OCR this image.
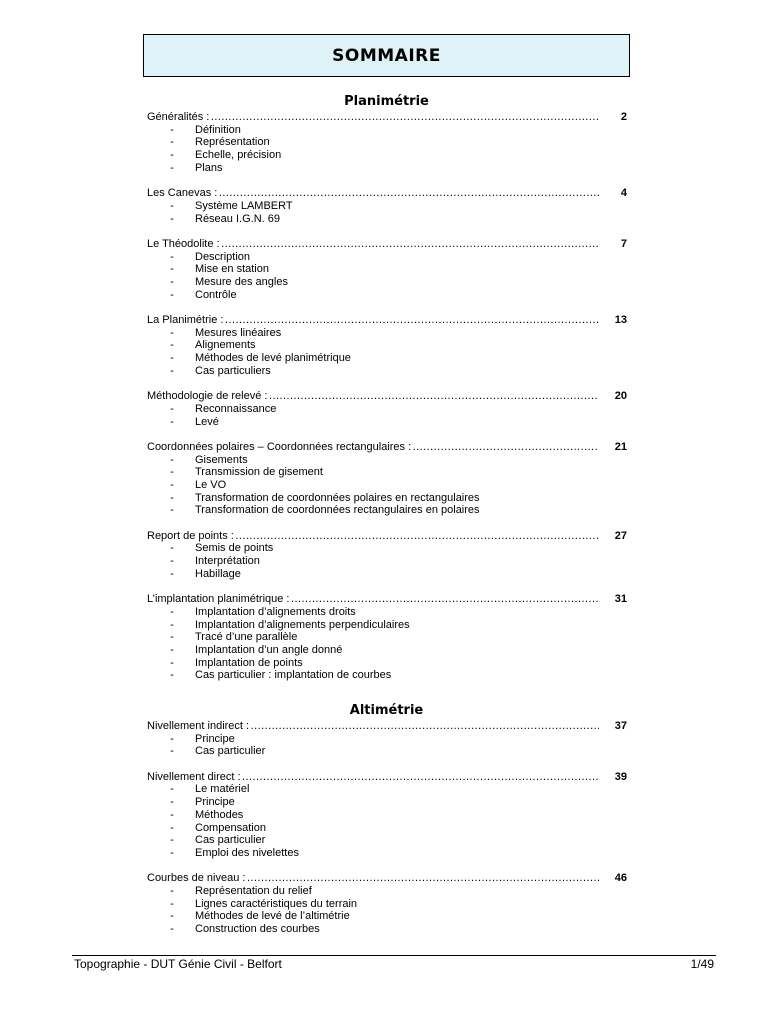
SOMMAIRE
Planimétrie
Généralités : ………………………………………………………………………………………………………………………………………………………………………	2
-	Définition
-	Représentation
-	Echelle, précision
-	Plans
Les Canevas : ………………………………………………………………………………………………………………………………………………………………………	4
-	Système LAMBERT
-	Réseau I.G.N. 69
Le Théodolite : ………………………………………………………………………………………………………………………………………………………………………	7
-	Description
-	Mise en station
-	Mesure des angles
-	Contrôle
La Planimétrie : ………………………………………………………………………………………………………………………………………………………………………	13
-	Mesures linéaires
-	Alignements
-	Méthodes de levé planimétrique
-	Cas particuliers
Méthodologie de relevé : ………………………………………………………………………………………………………………………………………………………………………	20
-	Reconnaissance
-	Levé
Coordonnées polaires – Coordonnées rectangulaires : ………………………………………………………………………………………………………………………………………………………………………	21
-	Gisements
-	Transmission de gisement
-	Le VO
-	Transformation de coordonnées polaires en rectangulaires
-	Transformation de coordonnées rectangulaires en polaires
Report de points : ………………………………………………………………………………………………………………………………………………………………………	27
-	Semis de points
-	Interprétation
-	Habillage
L’implantation planimétrique : ………………………………………………………………………………………………………………………………………………………………………	31
-	Implantation d’alignements droits
-	Implantation d’alignements perpendiculaires
-	Tracé d’une parallèle
-	Implantation d’un angle donné
-	Implantation de points
-	Cas particulier : implantation de courbes
Altimétrie
Nivellement indirect : ………………………………………………………………………………………………………………………………………………………………………	37
-	Principe
-	Cas particulier
Nivellement direct : ………………………………………………………………………………………………………………………………………………………………………	39
-	Le matériel
-	Principe
-	Méthodes
-	Compensation
-	Cas particulier
-	Emploi des nivelettes
Courbes de niveau : ………………………………………………………………………………………………………………………………………………………………………	46
-	Représentation du relief
-	Lignes caractéristiques du terrain
-	Méthodes de levé de l’altimétrie
-	Construction des courbes
Topographie - DUT Génie Civil - Belfort	1/49
